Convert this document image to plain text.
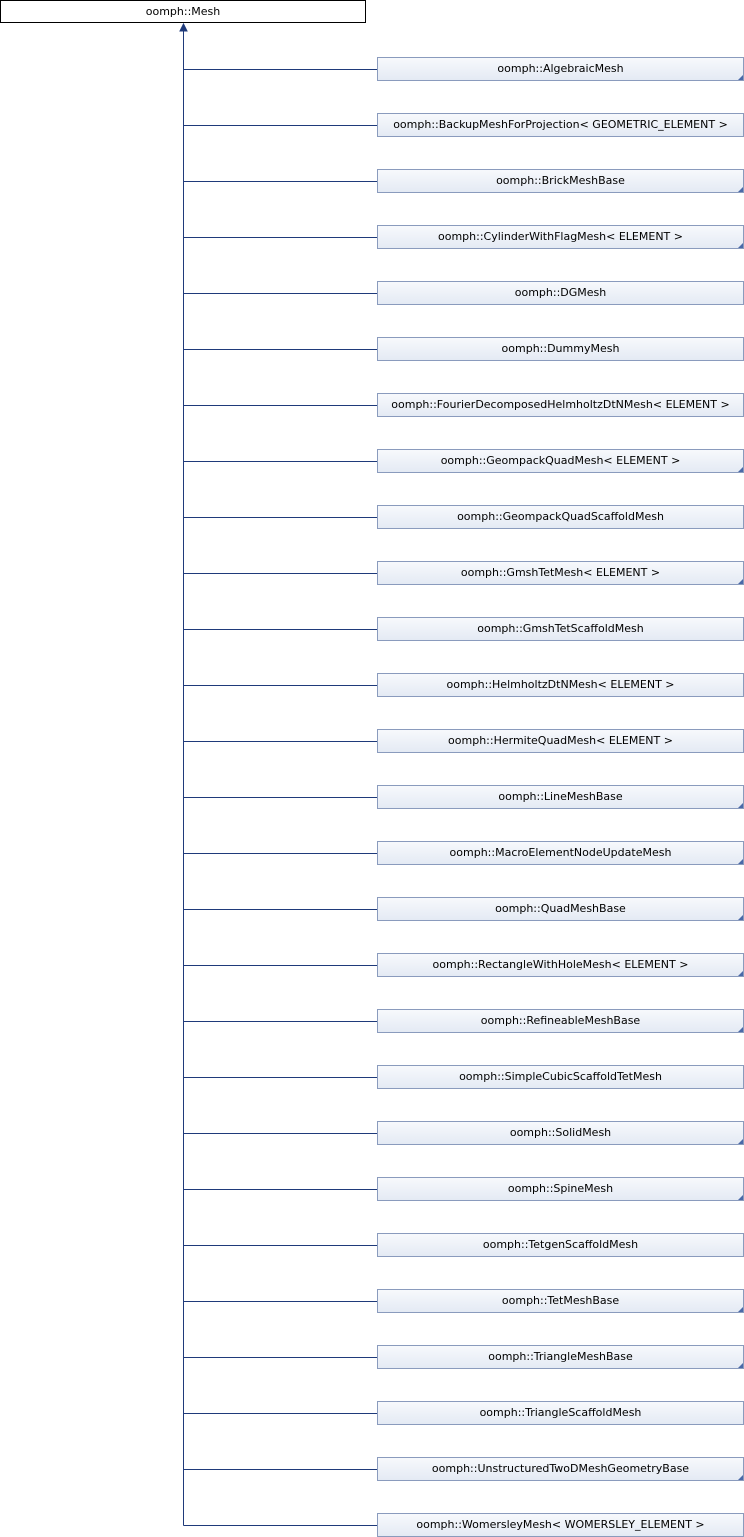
oomph::Mesh
oomph::AlgebraicMesh
oomph::BackupMeshForProjection< GEOMETRIC_ELEMENT >
oomph::BrickMeshBase
oomph::CylinderWithFlagMesh< ELEMENT >
oomph::DGMesh
oomph::DummyMesh
oomph::FourierDecomposedHelmholtzDtNMesh< ELEMENT >
oomph::GeompackQuadMesh< ELEMENT >
oomph::GeompackQuadScaffoldMesh
oomph::GmshTetMesh< ELEMENT >
oomph::GmshTetScaffoldMesh
oomph::HelmholtzDtNMesh< ELEMENT >
oomph::HermiteQuadMesh< ELEMENT >
oomph::LineMeshBase
oomph::MacroElementNodeUpdateMesh
oomph::QuadMeshBase
oomph::RectangleWithHoleMesh< ELEMENT >
oomph::RefineableMeshBase
oomph::SimpleCubicScaffoldTetMesh
oomph::SolidMesh
oomph::SpineMesh
oomph::TetgenScaffoldMesh
oomph::TetMeshBase
oomph::TriangleMeshBase
oomph::TriangleScaffoldMesh
oomph::UnstructuredTwoDMeshGeometryBase
oomph::WomersleyMesh< WOMERSLEY_ELEMENT >
